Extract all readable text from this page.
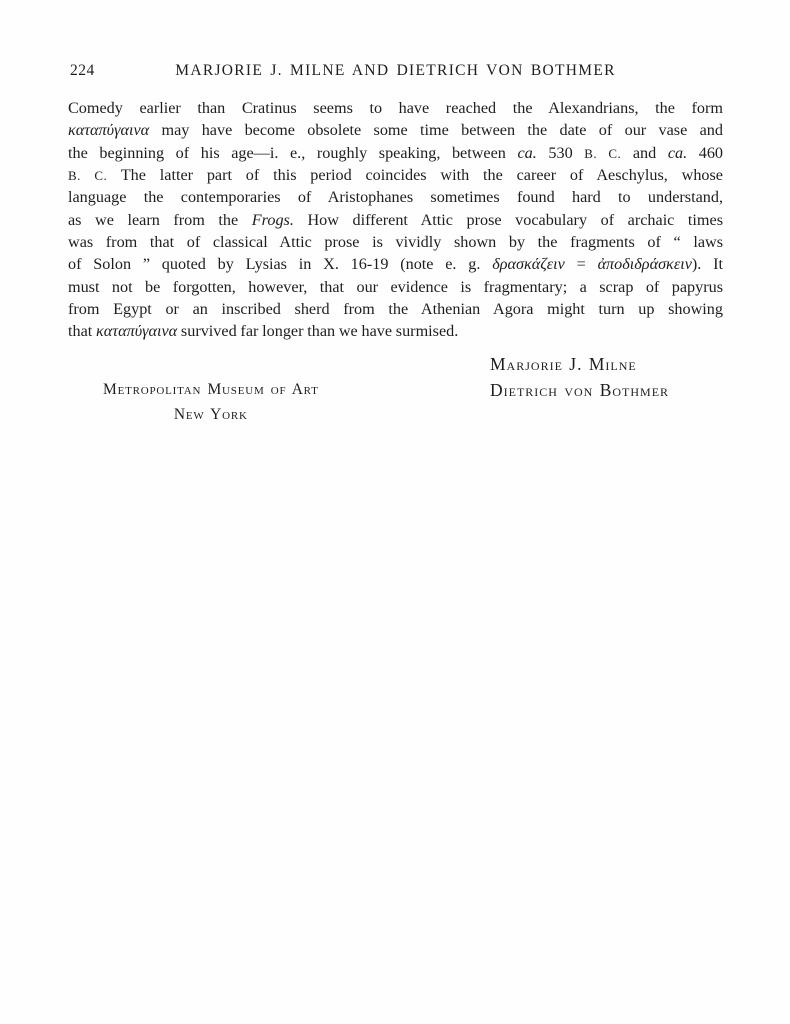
224	MARJORIE J. MILNE AND DIETRICH VON BOTHMER
Comedy earlier than Cratinus seems to have reached the Alexandrians, the form
καταπύγαινα may have become obsolete some time between the date of our vase and
the beginning of his age—i. e., roughly speaking, between ca. 530 B. C. and ca. 460
B. C. The latter part of this period coincides with the career of Aeschylus, whose
language the contemporaries of Aristophanes sometimes found hard to understand,
as we learn from the Frogs. How different Attic prose vocabulary of archaic times
was from that of classical Attic prose is vividly shown by the fragments of “ laws
of Solon ” quoted by Lysias in X. 16-19 (note e. g. δρασκάζειν = ἀποδιδράσκειν). It
must not be forgotten, however, that our evidence is fragmentary; a scrap of papyrus
from Egypt or an inscribed sherd from the Athenian Agora might turn up showing
that καταπύγαινα survived far longer than we have surmised.
Marjorie J. Milne
Dietrich von Bothmer
Metropolitan Museum of Art
New York
